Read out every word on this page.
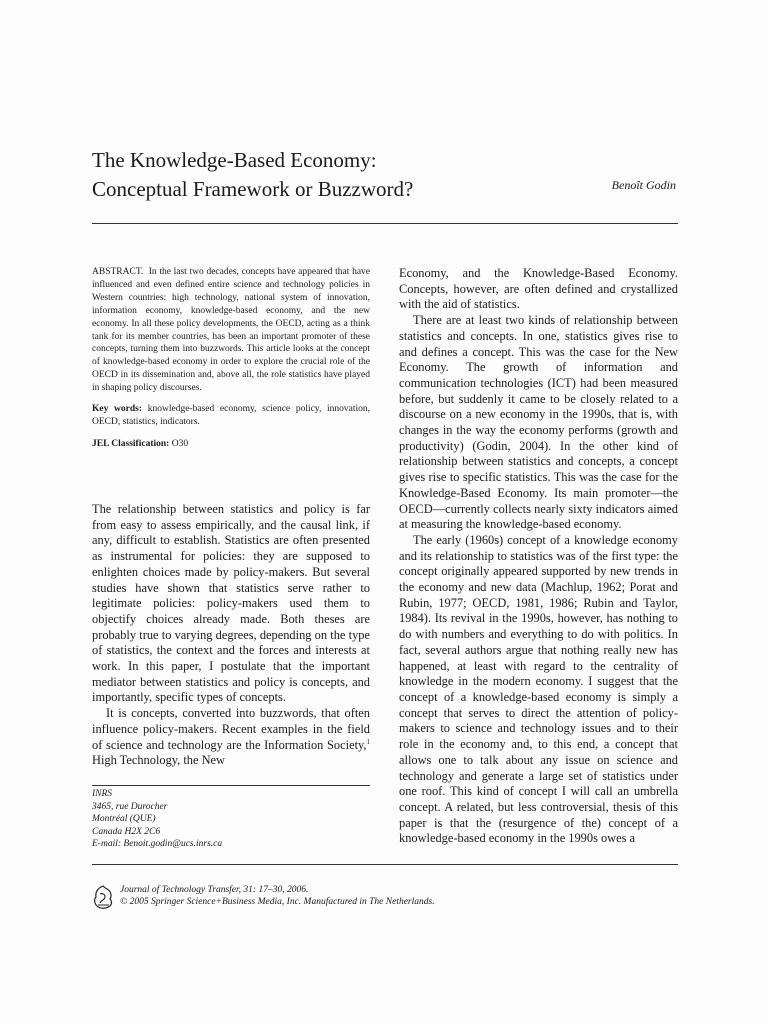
The Knowledge-Based Economy:
Conceptual Framework or Buzzword?	Benoît Godin

ABSTRACT. In the last two decades, concepts have appeared that have influenced and even defined entire science and technology policies in Western countries: high technology, national system of innovation, information economy, knowledge-based economy, and the new economy. In all these policy developments, the OECD, acting as a think tank for its member countries, has been an important promoter of these concepts, turning them into buzzwords. This article looks at the concept of knowledge-based economy in order to explore the crucial role of the OECD in its dissemination and, above all, the role statistics have played in shaping policy discourses.

Key words: knowledge-based economy, science policy, innovation, OECD, statistics, indicators.

JEL Classification: O30

The relationship between statistics and policy is far from easy to assess empirically, and the causal link, if any, difficult to establish. Statistics are often presented as instrumental for policies: they are supposed to enlighten choices made by policy-makers. But several studies have shown that statistics serve rather to legitimate policies: policy-makers used them to objectify choices already made. Both theses are probably true to varying degrees, depending on the type of statistics, the context and the forces and interests at work. In this paper, I postulate that the important mediator between statistics and policy is concepts, and importantly, specific types of concepts.

It is concepts, converted into buzzwords, that often influence policy-makers. Recent examples in the field of science and technology are the Information Society,$^1$ High Technology, the New

INRS
3465, rue Durocher
Montréal (QUE)
Canada H2X 2C6
E-mail: Benoit.godin@ucs.inrs.ca

Economy, and the Knowledge-Based Economy. Concepts, however, are often defined and crystallized with the aid of statistics.

There are at least two kinds of relationship between statistics and concepts. In one, statistics gives rise to and defines a concept. This was the case for the New Economy. The growth of information and communication technologies (ICT) had been measured before, but suddenly it came to be closely related to a discourse on a new economy in the 1990s, that is, with changes in the way the economy performs (growth and productivity) (Godin, 2004). In the other kind of relationship between statistics and concepts, a concept gives rise to specific statistics. This was the case for the Knowledge-Based Economy. Its main promoter—the OECD—currently collects nearly sixty indicators aimed at measuring the knowledge-based economy.

The early (1960s) concept of a knowledge economy and its relationship to statistics was of the first type: the concept originally appeared supported by new trends in the economy and new data (Machlup, 1962; Porat and Rubin, 1977; OECD, 1981, 1986; Rubin and Taylor, 1984). Its revival in the 1990s, however, has nothing to do with numbers and everything to do with politics. In fact, several authors argue that nothing really new has happened, at least with regard to the centrality of knowledge in the modern economy. I suggest that the concept of a knowledge-based economy is simply a concept that serves to direct the attention of policy-makers to science and technology issues and to their role in the economy and, to this end, a concept that allows one to talk about any issue on science and technology and generate a large set of statistics under one roof. This kind of concept I will call an umbrella concept. A related, but less controversial, thesis of this paper is that the (resurgence of the) concept of a knowledge-based economy in the 1990s owes a

Journal of Technology Transfer, 31: 17–30, 2006.
© 2005 Springer Science+Business Media, Inc. Manufactured in The Netherlands.
